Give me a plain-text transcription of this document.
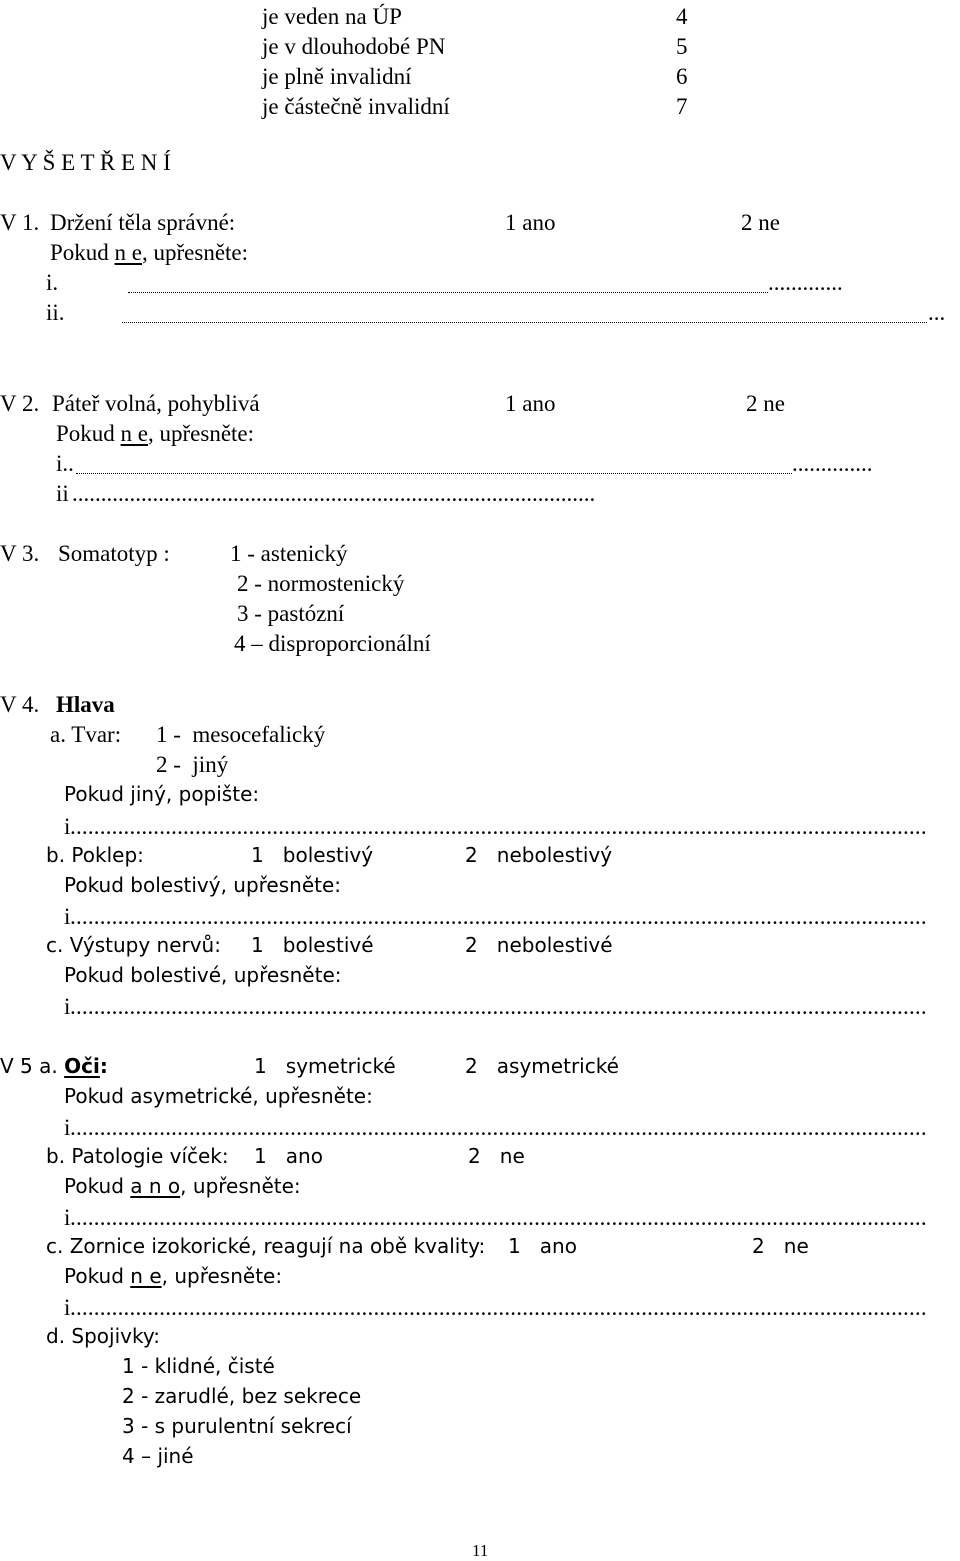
je veden na ÚP	4
je v dlouhodobé PN	5
je plně invalidní	6
je částečně invalidní	7
V Y Š E T Ř E N Í
V 1. Držení těla správné:	1 ano	2 ne
Pokud n e, upřesněte:
i.	.............
ii.	...
V 2. Páteř volná, pohyblivá	1 ano	2 ne
Pokud n e, upřesněte:
i..	..............
ii ...........................................................................................
V 3. Somatotyp :	1 - astenický
2 - normostenický
3 - pastózní
4 – disproporcionální
V 4. Hlava
a. Tvar: 1 -  mesocefalický
2 -  jiný
Pokud jiný, popište:
i
.....
b. Poklep:	1   bolestivý	2   nebolestivý
Pokud bolestivý, upřesněte:
i
.....
c. Výstupy nervů: 1   bolestivé	2   nebolestivé
Pokud bolestivé, upřesněte:
i
.....
V 5 a. Oči:	1   symetrické	2   asymetrické
Pokud asymetrické, upřesněte:
i
.....
b. Patologie víček: 1   ano	2   ne
Pokud a n o, upřesněte:
i
.....
c. Zornice izokorické, reagují na obě kvality: 1   ano	2   ne
Pokud n e, upřesněte:
i
.....
d. Spojivky:
1 - klidné, čisté
2 - zarudlé, bez sekrece
3 - s purulentní sekrecí
4 – jiné
11
